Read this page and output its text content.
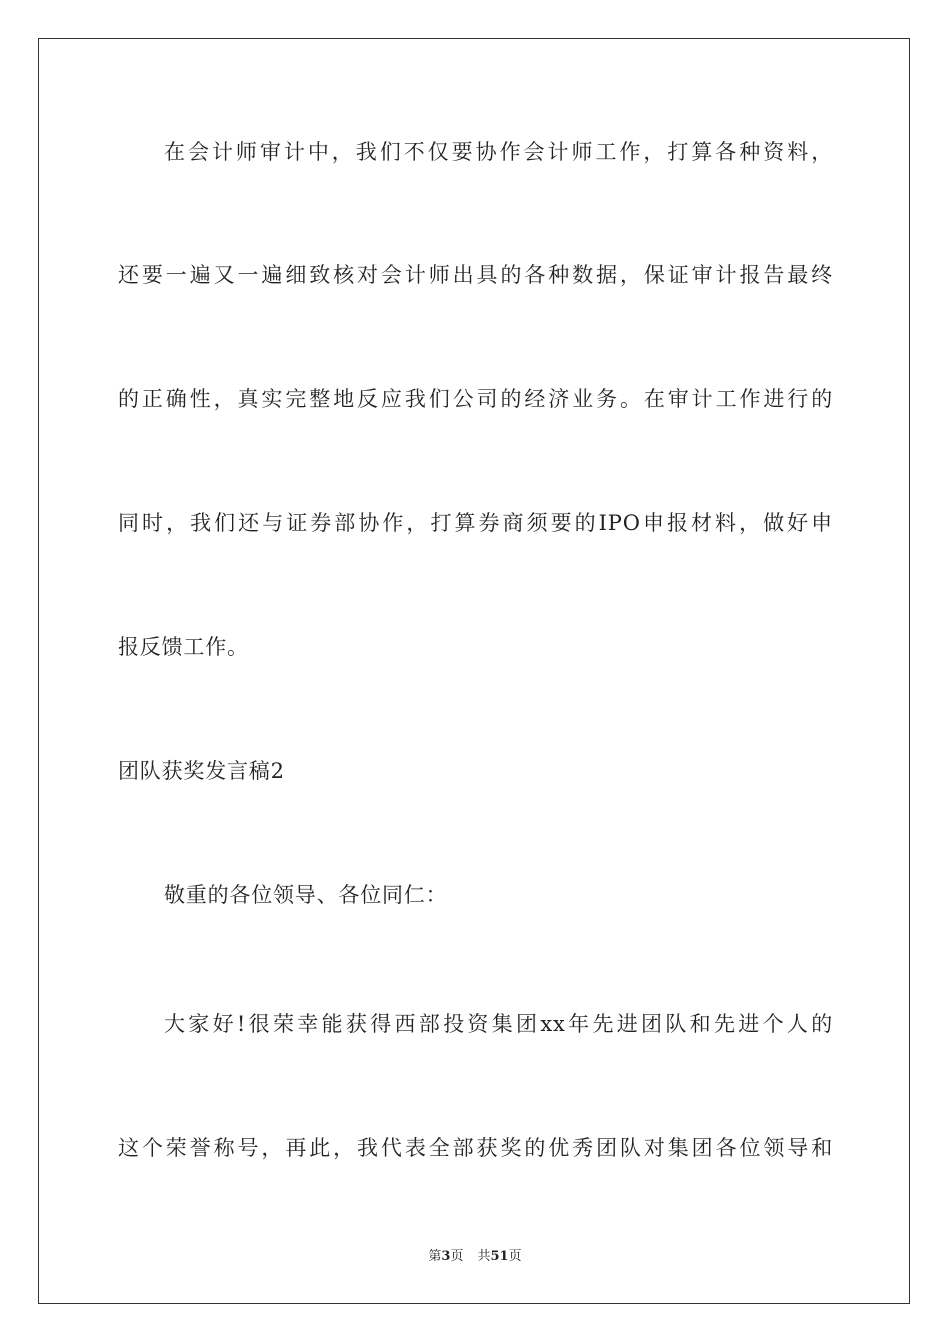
在会计师审计中，我们不仅要协作会计师工作，打算各种资料，
还要一遍又一遍细致核对会计师出具的各种数据，保证审计报告最终
的正确性，真实完整地反应我们公司的经济业务。在审计工作进行的
同时，我们还与证券部协作，打算券商须要的IPO申报材料，做好申
报反馈工作。
团队获奖发言稿2
敬重的各位领导、各位同仁：
大家好!很荣幸能获得西部投资集团xx年先进团队和先进个人的
这个荣誉称号，再此，我代表全部获奖的优秀团队对集团各位领导和
第3页 共51页
